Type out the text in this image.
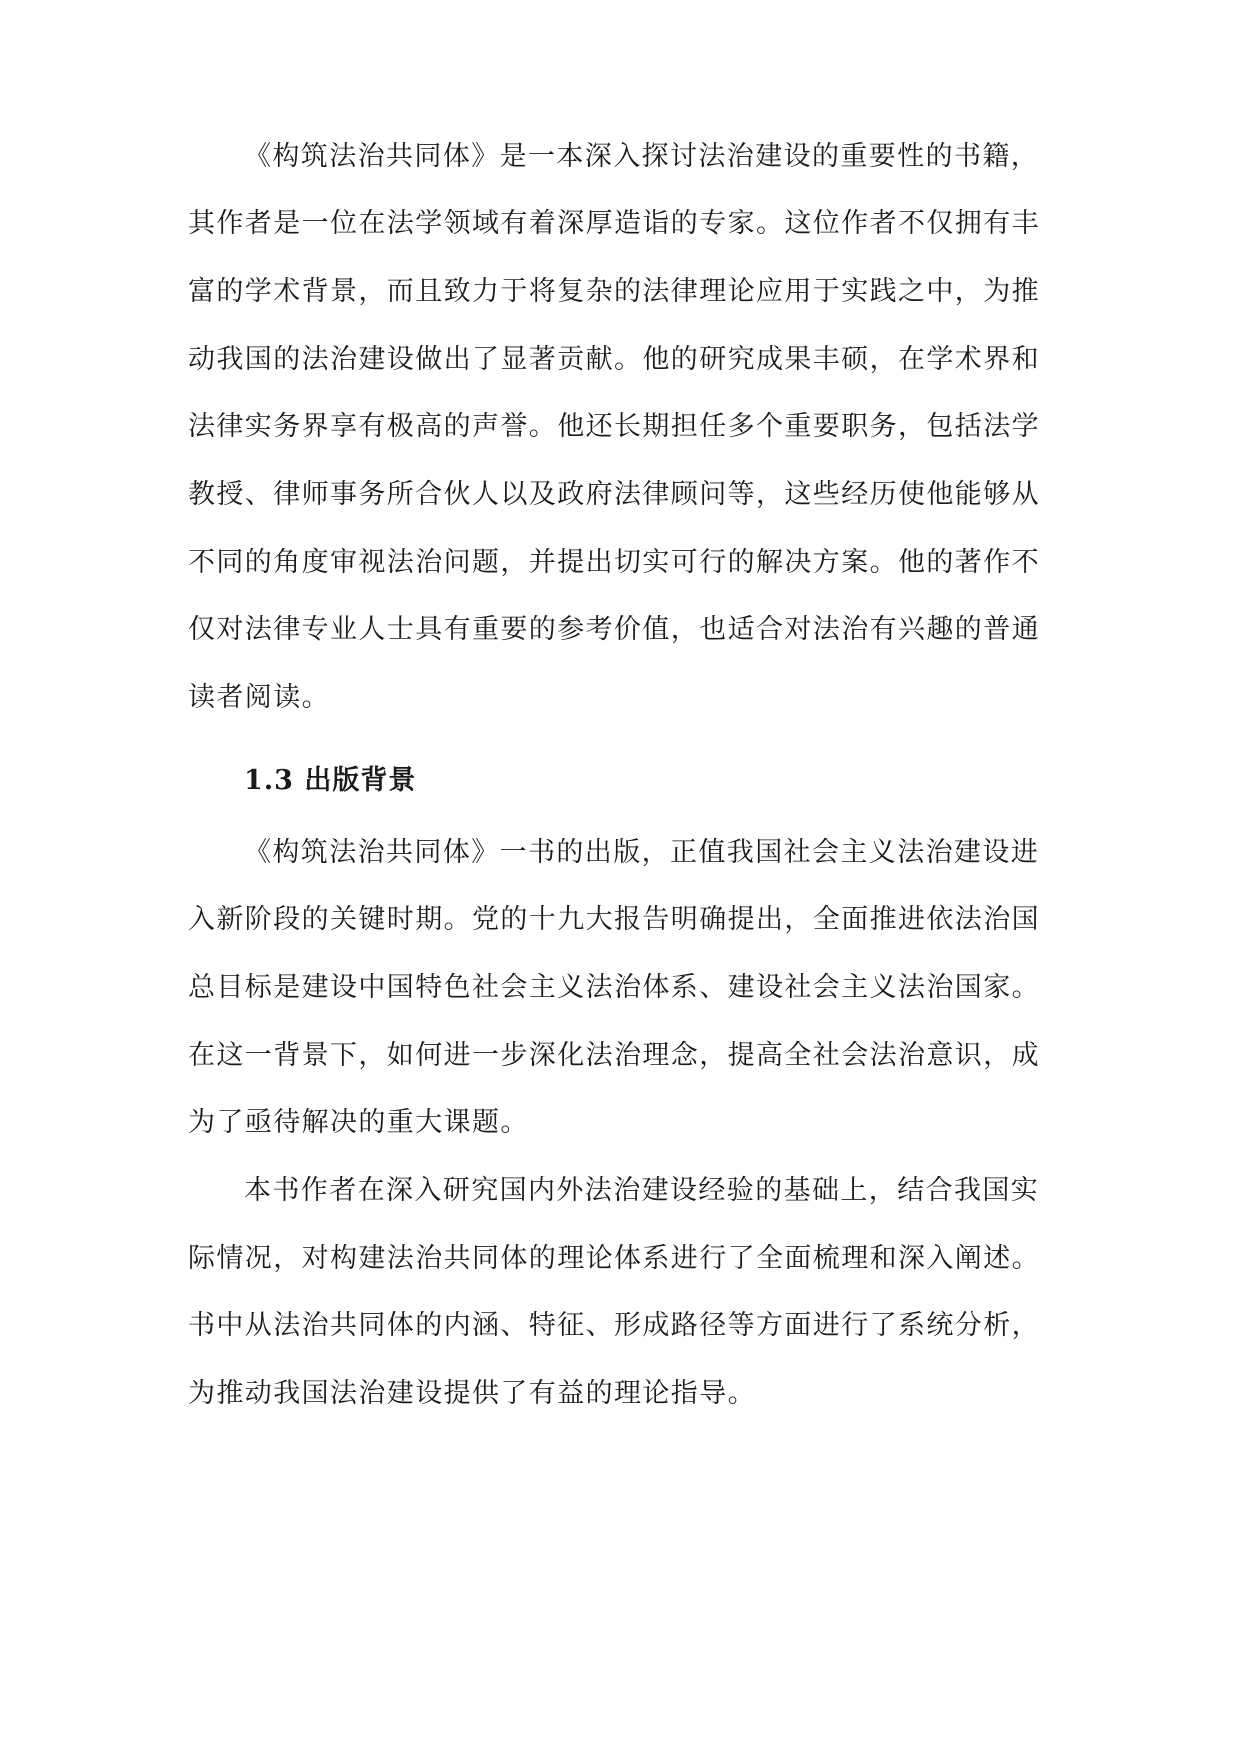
《构筑法治共同体》是一本深入探讨法治建设的重要性的书籍，
其作者是一位在法学领域有着深厚造诣的专家。这位作者不仅拥有丰
富的学术背景，而且致力于将复杂的法律理论应用于实践之中，为推
动我国的法治建设做出了显著贡献。他的研究成果丰硕，在学术界和
法律实务界享有极高的声誉。他还长期担任多个重要职务，包括法学
教授、律师事务所合伙人以及政府法律顾问等，这些经历使他能够从
不同的角度审视法治问题，并提出切实可行的解决方案。他的著作不
仅对法律专业人士具有重要的参考价值，也适合对法治有兴趣的普通
读者阅读。
1.3 出版背景
《构筑法治共同体》一书的出版，正值我国社会主义法治建设进
入新阶段的关键时期。党的十九大报告明确提出，全面推进依法治国
总目标是建设中国特色社会主义法治体系、建设社会主义法治国家。
在这一背景下，如何进一步深化法治理念，提高全社会法治意识，成
为了亟待解决的重大课题。
本书作者在深入研究国内外法治建设经验的基础上，结合我国实
际情况，对构建法治共同体的理论体系进行了全面梳理和深入阐述。
书中从法治共同体的内涵、特征、形成路径等方面进行了系统分析，
为推动我国法治建设提供了有益的理论指导。
